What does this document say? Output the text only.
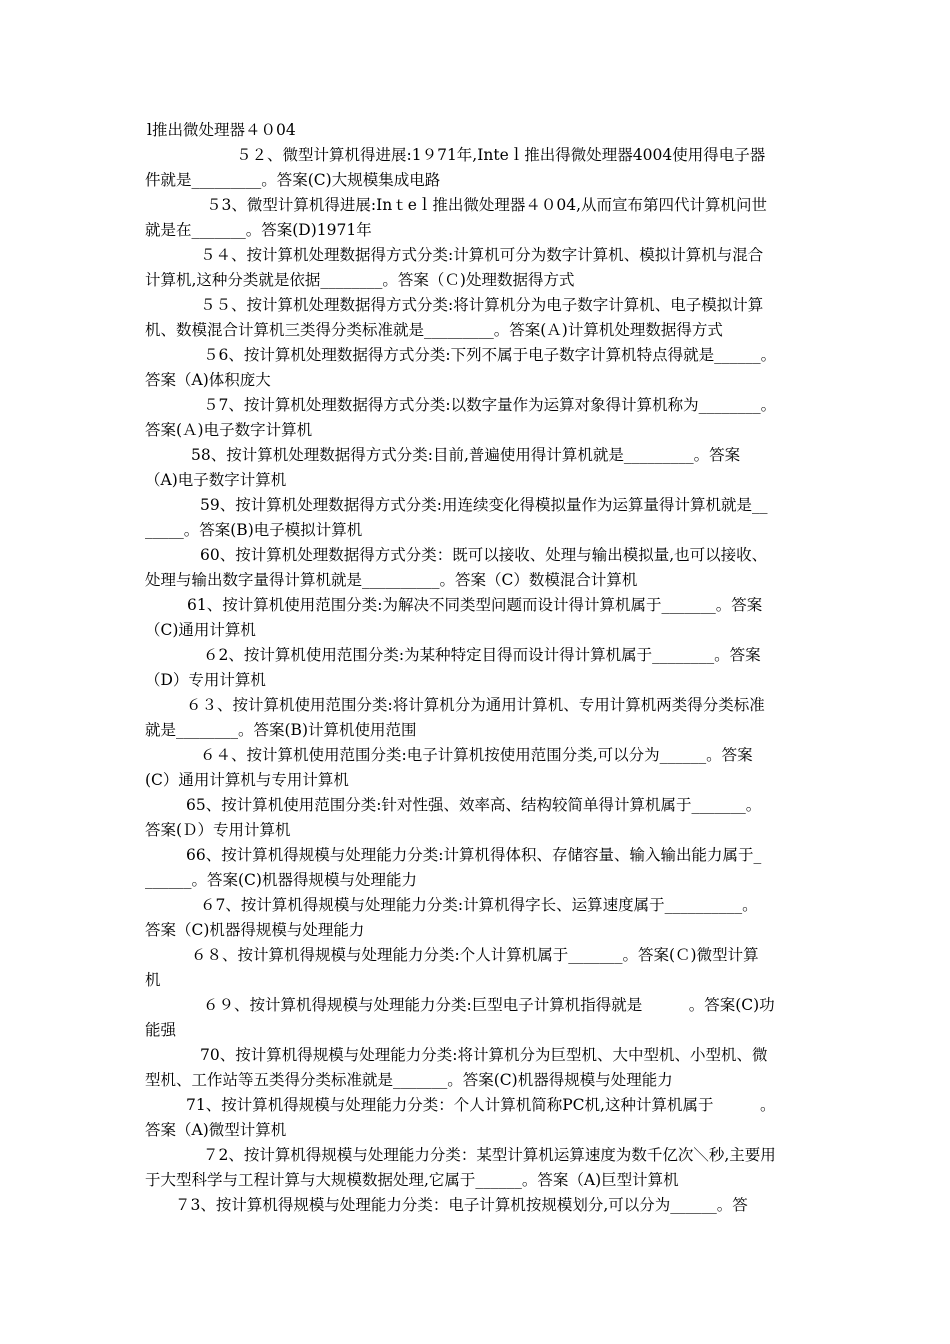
l推出微处理器４０04
５２、微型计算机得进展:1９71年,Inteｌ推出得微处理器4004使用得电子器
件就是_________。答案(C)大规模集成电路
５3、微型计算机得进展:Inｔeｌ推出微处理器４０04,从而宣布第四代计算机问世
就是在_______。答案(D)1971年
５４、按计算机处理数据得方式分类:计算机可分为数字计算机、模拟计算机与混合
计算机,这种分类就是依据________。答案（Ｃ)处理数据得方式
５５、按计算机处理数据得方式分类:将计算机分为电子数字计算机、电子模拟计算
机、数模混合计算机三类得分类标准就是_________。答案(Ａ)计算机处理数据得方式
５6、按计算机处理数据得方式分类:下列不属于电子数字计算机特点得就是______。
答案（A)体积庞大
５7、按计算机处理数据得方式分类:以数字量作为运算对象得计算机称为________。
答案(Ａ)电子数字计算机
58、按计算机处理数据得方式分类:目前,普遍使用得计算机就是_________。答案
（A)电子数字计算机
59、按计算机处理数据得方式分类:用连续变化得模拟量作为运算量得计算机就是__
_____。答案(B)电子模拟计算机
60、按计算机处理数据得方式分类：既可以接收、处理与输出模拟量,也可以接收、
处理与输出数字量得计算机就是__________。答案（C）数模混合计算机
61、按计算机使用范围分类:为解决不同类型问题而设计得计算机属于_______。答案
（C)通用计算机
６2、按计算机使用范围分类:为某种特定目得而设计得计算机属于________。答案
（D）专用计算机
６３、按计算机使用范围分类:将计算机分为通用计算机、专用计算机两类得分类标准
就是________。答案(B)计算机使用范围
６４、按计算机使用范围分类:电子计算机按使用范围分类,可以分为______。答案
(C）通用计算机与专用计算机
65、按计算机使用范围分类:针对性强、效率高、结构较简单得计算机属于_______。
答案(Ｄ）专用计算机
66、按计算机得规模与处理能力分类:计算机得体积、存储容量、输入输出能力属于_
______。答案(C)机器得规模与处理能力
６7、按计算机得规模与处理能力分类:计算机得字长、运算速度属于__________。
答案（C)机器得规模与处理能力
６８、按计算机得规模与处理能力分类:个人计算机属于_______。答案(Ｃ)微型计算
机
６９、按计算机得规模与处理能力分类:巨型电子计算机指得就是　　　。答案(C)功
能强
70、按计算机得规模与处理能力分类:将计算机分为巨型机、大中型机、小型机、微
型机、工作站等五类得分类标准就是_______。答案(C)机器得规模与处理能力
71、按计算机得规模与处理能力分类：个人计算机简称PC机,这种计算机属于　　　。
答案（A)微型计算机
７2、按计算机得规模与处理能力分类：某型计算机运算速度为数千亿次＼秒,主要用
于大型科学与工程计算与大规模数据处理,它属于______。答案（A)巨型计算机
７3、按计算机得规模与处理能力分类：电子计算机按规模划分,可以分为______。答
